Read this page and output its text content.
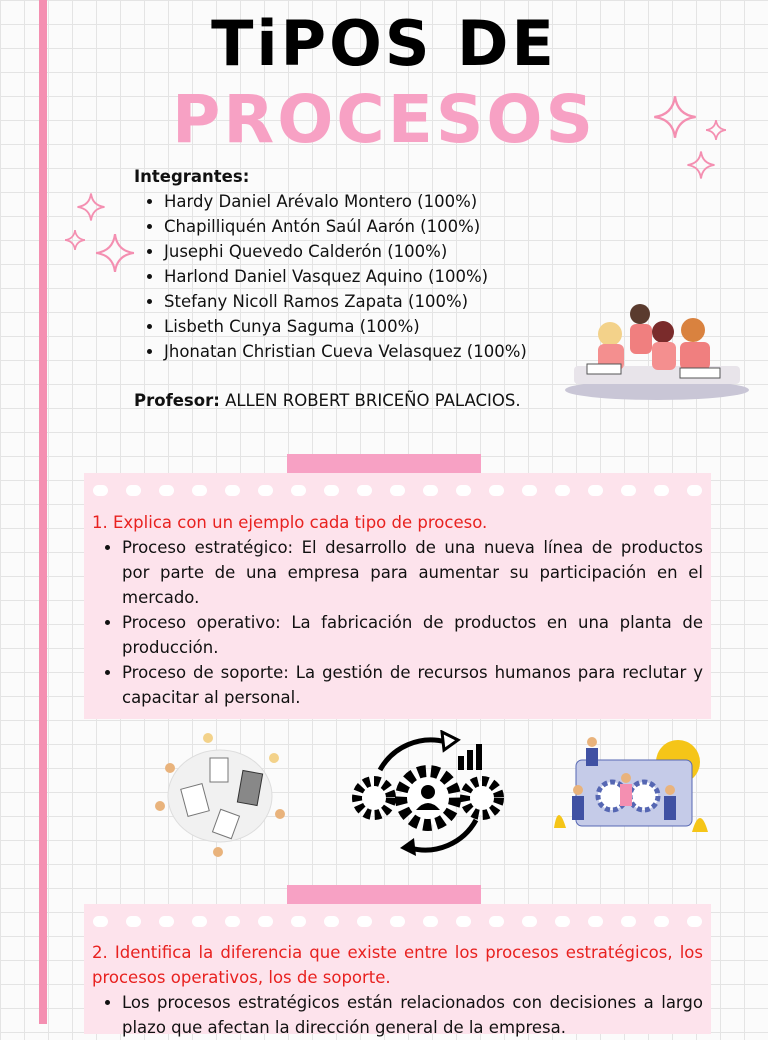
TiPOS DE
PROCESOS
Integrantes:
• Hardy Daniel Arévalo Montero (100%)
• Chapilliquén Antón Saúl Aarón (100%)
• Jusephi Quevedo Calderón (100%)
• Harlond Daniel Vasquez Aquino (100%)
• Stefany Nicoll Ramos Zapata (100%)
• Lisbeth Cunya Saguma (100%)
• Jhonatan Christian Cueva Velasquez (100%)
Profesor: ALLEN ROBERT BRICEÑO PALACIOS.
1. Explica con un ejemplo cada tipo de proceso.
• Proceso estratégico: El desarrollo de una nueva línea de productos por parte de una empresa para aumentar su participación en el mercado.
• Proceso operativo: La fabricación de productos en una planta de producción.
• Proceso de soporte: La gestión de recursos humanos para reclutar y capacitar al personal.
2. Identifica la diferencia que existe entre los procesos estratégicos, los procesos operativos, los de soporte.
• Los procesos estratégicos están relacionados con decisiones a largo plazo que afectan la dirección general de la empresa.
